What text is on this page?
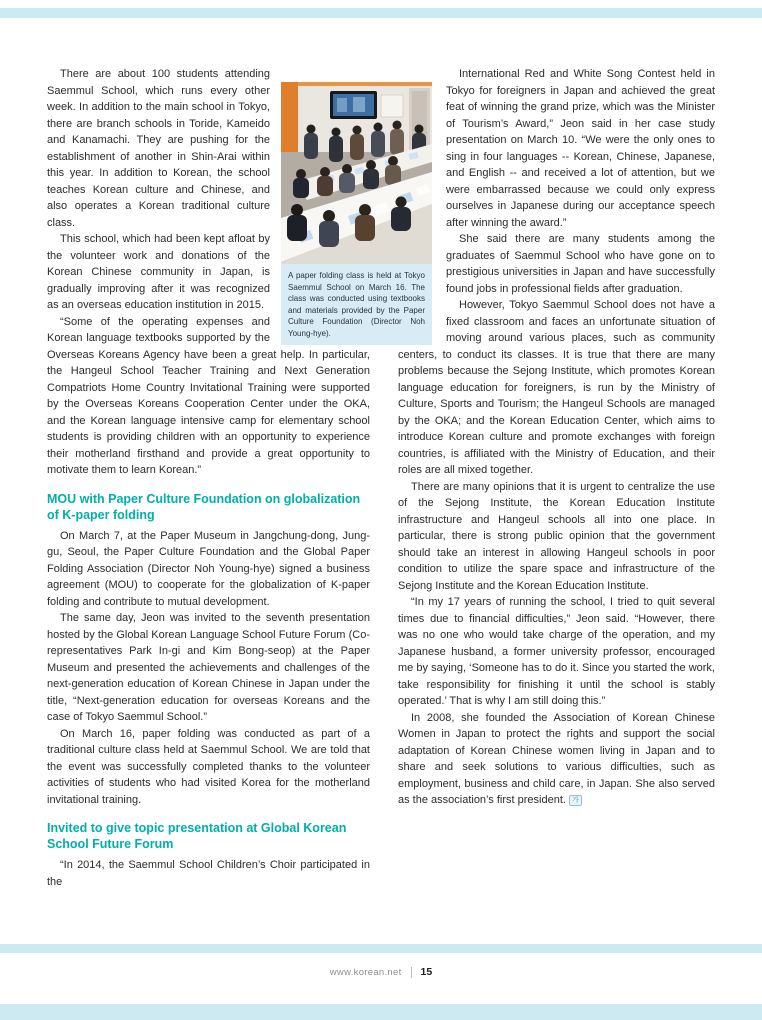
A paper folding class is held at Tokyo Saemmul School on March 16. The class was conducted using textbooks and materials provided by the Paper Culture Foundation (Director Noh Young-hye).

There are about 100 students attending Saemmul School, which runs every other week. In addition to the main school in Tokyo, there are branch schools in Toride, Kameido and Kanamachi. They are pushing for the establishment of another in Shin-Arai within this year. In addition to Korean, the school teaches Korean culture and Chinese, and also operates a Korean traditional culture class.

This school, which had been kept afloat by the volunteer work and donations of the Korean Chinese community in Japan, is gradually improving after it was recognized as an overseas education institution in 2015.

“Some of the operating expenses and Korean language textbooks supported by the Overseas Koreans Agency have been a great help. In particular, the Hangeul School Teacher Training and Next Generation Compatriots Home Country Invitational Training were supported by the Overseas Koreans Cooperation Center under the OKA, and the Korean language intensive camp for elementary school students is providing children with an opportunity to experience their motherland firsthand and provide a great opportunity to motivate them to learn Korean.”

MOU with Paper Culture Foundation on globalization of K-paper folding

On March 7, at the Paper Museum in Jangchung-dong, Jung-gu, Seoul, the Paper Culture Foundation and the Global Paper Folding Association (Director Noh Young-hye) signed a business agreement (MOU) to cooperate for the globalization of K-paper folding and contribute to mutual development.

The same day, Jeon was invited to the seventh presentation hosted by the Global Korean Language School Future Forum (Co-representatives Park In-gi and Kim Bong-seop) at the Paper Museum and presented the achievements and challenges of the next-generation education of Korean Chinese in Japan under the title, “Next-generation education for overseas Koreans and the case of Tokyo Saemmul School.”

On March 16, paper folding was conducted as part of a traditional culture class held at Saemmul School. We are told that the event was successfully completed thanks to the volunteer activities of students who had visited Korea for the motherland invitational training.

Invited to give topic presentation at Global Korean School Future Forum

“In 2014, the Saemmul School Children’s Choir participated in the

International Red and White Song Contest held in Tokyo for foreigners in Japan and achieved the great feat of winning the grand prize, which was the Minister of Tourism’s Award,” Jeon said in her case study presentation on March 10. “We were the only ones to sing in four languages -- Korean, Chinese, Japanese, and English -- and received a lot of attention, but we were embarrassed because we could only express ourselves in Japanese during our acceptance speech after winning the award.”

She said there are many students among the graduates of Saemmul School who have gone on to prestigious universities in Japan and have successfully found jobs in professional fields after graduation.

However, Tokyo Saemmul School does not have a fixed classroom and faces an unfortunate situation of moving around various places, such as community centers, to conduct its classes. It is true that there are many problems because the Sejong Institute, which promotes Korean language education for foreigners, is run by the Ministry of Culture, Sports and Tourism; the Hangeul Schools are managed by the OKA; and the Korean Education Center, which aims to introduce Korean culture and promote exchanges with foreign countries, is affiliated with the Ministry of Education, and their roles are all mixed together.

There are many opinions that it is urgent to centralize the use of the Sejong Institute, the Korean Education Institute infrastructure and Hangeul schools all into one place. In particular, there is strong public opinion that the government should take an interest in allowing Hangeul schools in poor condition to utilize the spare space and infrastructure of the Sejong Institute and the Korean Education Institute.

“In my 17 years of running the school, I tried to quit several times due to financial difficulties,” Jeon said. “However, there was no one who would take charge of the operation, and my Japanese husband, a former university professor, encouraged me by saying, ‘Someone has to do it. Since you started the work, take responsibility for finishing it until the school is stably operated.’ That is why I am still doing this.”

In 2008, she founded the Association of Korean Chinese Women in Japan to protect the rights and support the social adaptation of Korean Chinese women living in Japan and to share and seek solutions to various difficulties, such as employment, business and child care, in Japan. She also served as the association’s first president. 가

www.korean.net 15
